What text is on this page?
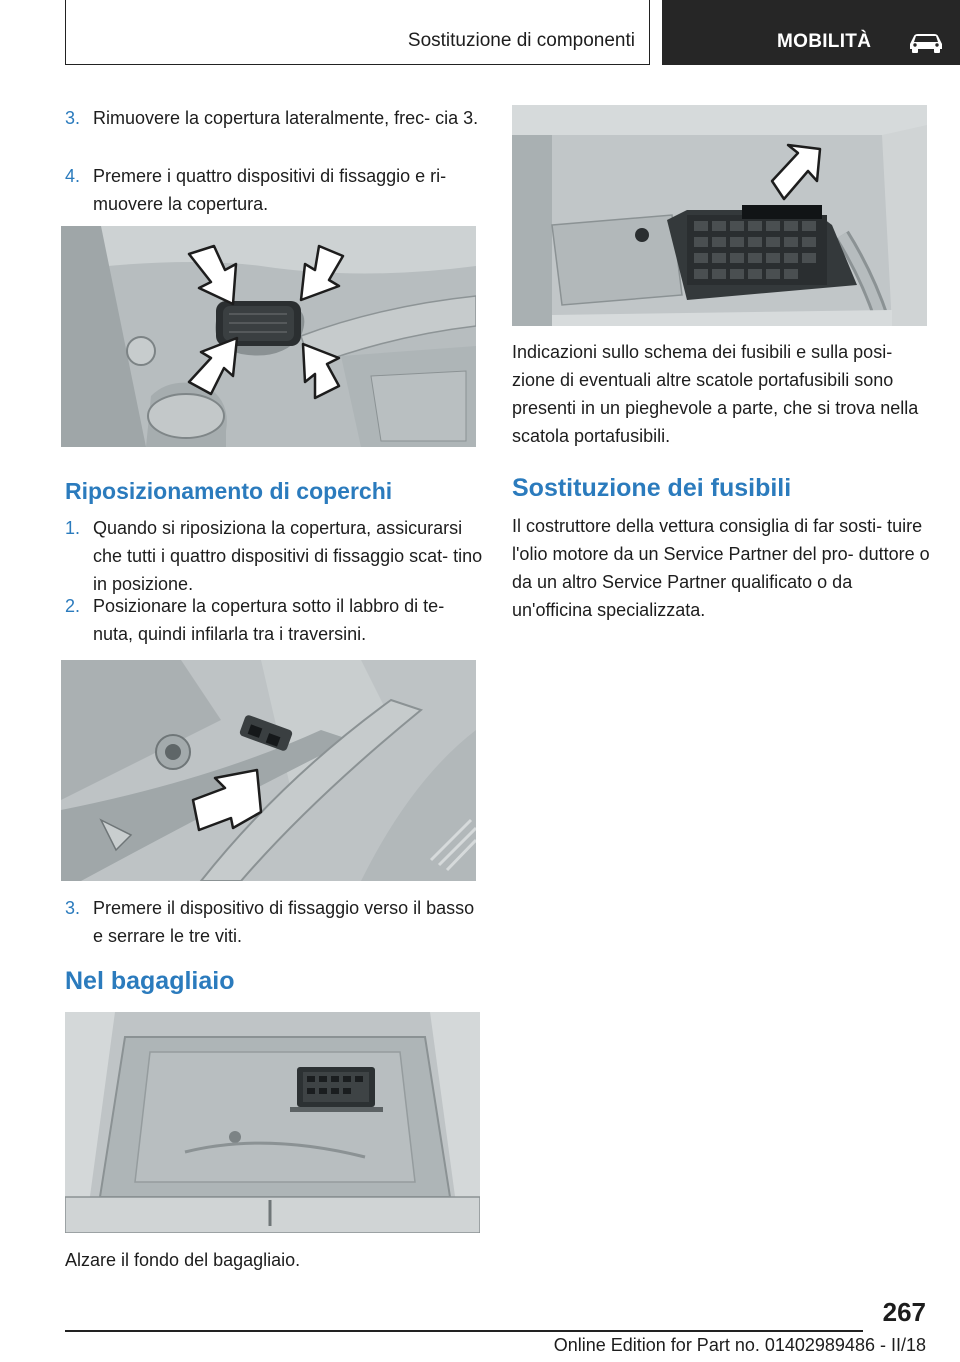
Sostituzione di componenti	MOBILITÀ
3. Rimuovere la copertura lateralmente, frec‐ cia 3.
4. Premere i quattro dispositivi di fissaggio e ri‐ muovere la copertura.
Riposizionamento di coperchi
1. Quando si riposiziona la copertura, assicurarsi che tutti i quattro dispositivi di fissaggio scat‐ tino in posizione.
2. Posizionare la copertura sotto il labbro di te‐ nuta, quindi infilarla tra i traversini.
3. Premere il dispositivo di fissaggio verso il basso e serrare le tre viti.
Nel bagagliaio
Alzare il fondo del bagagliaio.
Indicazioni sullo schema dei fusibili e sulla posi‐ zione di eventuali altre scatole portafusibili sono presenti in un pieghevole a parte, che si trova nella scatola portafusibili.
Sostituzione dei fusibili
Il costruttore della vettura consiglia di far sosti‐ tuire l'olio motore da un Service Partner del pro‐ duttore o da un altro Service Partner qualificato o da un'officina specializzata.
267
Online Edition for Part no. 01402989486 - II/18
